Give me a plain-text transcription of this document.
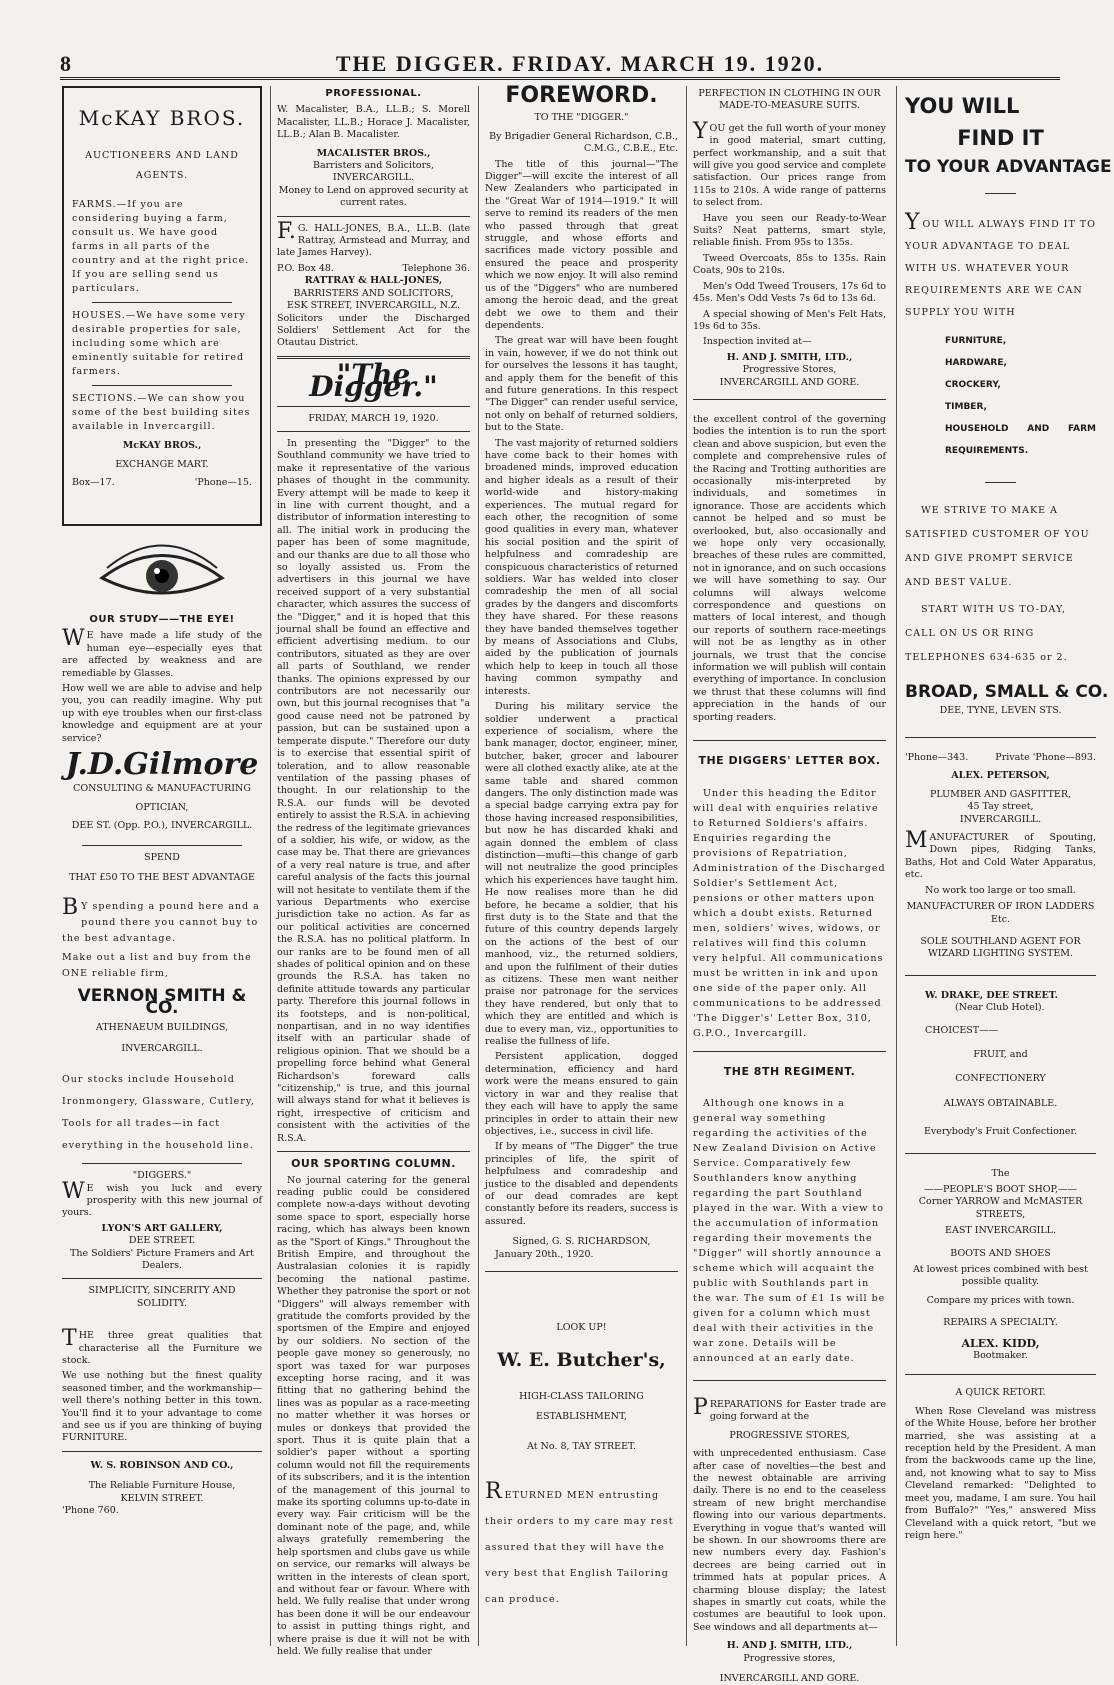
8	THE DIGGER. FRIDAY. MARCH 19. 1920.
McKAY BROS.
AUCTIONEERS AND LAND AGENTS.

FARMS.—If you are considering buying a farm, consult us. We have good farms in all parts of the country and at the right price. If you are selling send us particulars.

HOUSES.—We have some very desirable properties for sale, including some which are eminently suitable for retired farmers.

SECTIONS.—We can show you some of the best building sites available in Invercargill.

McKAY BROS.,
EXCHANGE MART.
Box—17.	'Phone—15.
OUR STUDY——THE EYE!

WE have made a life study of the human eye—especially eyes that are affected by weakness and are remediable by Glasses.

How well we are able to advise and help you, you can readily imagine. Why put up with eye troubles when our first-class knowledge and equipment are at your service?

J.D.Gilmore
CONSULTING & MANUFACTURING
OPTICIAN,
DEE ST. (Opp. P.O.), INVERCARGILL.
SPEND
THAT £50 TO THE BEST ADVANTAGE

BY spending a pound here and a pound there you cannot buy to the best advantage.

Make out a list and buy from the ONE reliable firm,

VERNON SMITH & CO.
ATHENAEUM BUILDINGS,
INVERCARGILL.

Our stocks include Household Ironmongery, Glassware, Cutlery, Tools for all trades—in fact everything in the household line.

"DIGGERS."

WE wish you luck and every prosperity with this new journal of yours.

LYON'S ART GALLERY,
DEE STREET.
The Soldiers' Picture Framers and Art Dealers.
SIMPLICITY, SINCERITY AND SOLIDITY.

THE three great qualities that characterise all the Furniture we stock.

We use nothing but the finest quality seasoned timber, and the workmanship—well there's nothing better in this town. You'll find it to your advantage to come and see us if you are thinking of buying FURNITURE.

W. S. ROBINSON AND CO.,
The Reliable Furniture House,
KELVIN STREET.
'Phone 760.
PROFESSIONAL.

W. Macalister, B.A., LL.B.; S. Morell Macalister, LL.B.; Horace J. Macalister, LL.B.; Alan B. Macalister.

MACALISTER BROS.,
Barristers and Solicitors,
INVERCARGILL.

Money to Lend on approved security at current rates.

F.G. HALL-JONES, B.A., LL.B. (late Rattray, Armstead and Murray, and late James Harvey).

P.O. Box 48.	Telephone 36.
RATTRAY & HALL-JONES,
BARRISTERS AND SOLICITORS,
ESK STREET, INVERCARGILL, N.Z.

Solicitors under the Discharged Soldiers' Settlement Act for the Otautau District.

"The Digger."
FRIDAY, MARCH 19, 1920.

In presenting the "Digger" to the Southland community we have tried to make it representative of the various phases of thought in the community. Every attempt will be made to keep it in line with current thought, and a distributor of information interesting to all. The initial work in producing the paper has been of some magnitude, and our thanks are due to all those who so loyally assisted us. From the advertisers in this journal we have received support of a very substantial character, which assures the success of the "Digger," and it is hoped that this journal shall be found an effective and efficient advertising medium. to our contributors, situated as they are over all parts of Southland, we render thanks. The opinions expressed by our contributors are not necessarily our own, but this journal recognises that "a good cause need not be patroned by passion, but can be sustained upon a temperate dispute." Therefore our duty is to exercise that essential spirit of toleration, and to allow reasonable ventilation of the passing phases of thought. In our relationship to the R.S.A. our funds will be devoted entirely to assist the R.S.A. in achieving the redress of the legitimate grievances of a soldier, his wife, or widow, as the case may be. That there are grievances of a very real nature is true, and after careful analysis of the facts this journal will not hesitate to ventilate them if the various Departments who exercise jurisdiction take no action. As far as our political activities are concerned the R.S.A. has no political platform. In our ranks are to be found men of all shades of political opinion and on these grounds the R.S.A. has taken no definite attitude towards any particular party. Therefore this journal follows in its footsteps, and is non-political, nonpartisan, and in no way identifies itself with an particular shade of religious opinion. That we should be a propelling force behind what General Richardson's foreward calls "citizenship," is true, and this journal will always stand for what it believes is right, irrespective of criticism and consistent with the activities of the R.S.A.

OUR SPORTING COLUMN.

No journal catering for the general reading public could be considered complete now-a-days without devoting some space to sport, especially horse racing, which has always been known as the "Sport of Kings." Throughout the British Empire, and throughout the Australasian colonies it is rapidly becoming the national pastime. Whether they patronise the sport or not "Diggers" will always remember with gratitude the comforts provided by the sportsmen of the Empire and enjoyed by our soldiers. No section of the people gave money so generously, no sport was taxed for war purposes excepting horse racing, and it was fitting that no gathering behind the lines was as popular as a race-meeting no matter whether it was horses or mules or donkeys that provided the sport. Thus it is quite plain that a soldier's paper without a sporting column would not fill the requirements of its subscribers, and it is the intention of the management of this journal to make its sporting columns up-to-date in every way. Fair criticism will be the dominant note of the page, and, while always gratefully remembering the help sportsmen and clubs gave us while on service, our remarks will always be written in the interests of clean sport, and without fear or favour. Where with held. We fully realise that under wrong has been done it will be our endeavour to assist in putting things right, and where praise is due it will not be with held. We fully realise that under

FOREWORD.
TO THE "DIGGER."

By Brigadier General Richardson, C.B., C.M.G., C.B.E., Etc.

The title of this journal—"The Digger"—will excite the interest of all New Zealanders who participated in the "Great War of 1914—1919." It will serve to remind its readers of the men who passed through that great struggle, and whose efforts and sacrifices made victory possible and ensured the peace and prosperity which we now enjoy. It will also remind us of the "Diggers" who are numbered among the heroic dead, and the great debt we owe to them and their dependents.

The great war will have been fought in vain, however, if we do not think out for ourselves the lessons it has taught, and apply them for the benefit of this and future generations. In this respect "The Digger" can render useful service, not only on behalf of returned soldiers, but to the State.

The vast majority of returned soldiers have come back to their homes with broadened minds, improved education and higher ideals as a result of their world-wide and history-making experiences. The mutual regard for each other, the recognition of some good qualities in every man, whatever his social position and the spirit of helpfulness and comradeship are conspicuous characteristics of returned soldiers. War has welded into closer comradeship the men of all social grades by the dangers and discomforts they have shared. For these reasons they have banded themselves together by means of Associations and Clubs, aided by the publication of journals which help to keep in touch all those having common sympathy and interests.

During his military service the soldier underwent a practical experience of socialism, where the bank manager, doctor, engineer, miner, butcher, baker, grocer and labourer were all clothed exactly alike, ate at the same table and shared common dangers. The only distinction made was a special badge carrying extra pay for those having increased responsibilities, but now he has discarded khaki and again donned the emblem of class distinction—mufti—this change of garb will not neutralize the good principles which his experiences have taught him. He now realises more than he did before, he became a soldier, that his first duty is to the State and that the future of this country depends largely on the actions of the best of our manhood, viz., the returned soldiers, and upon the fulfilment of their duties as citizens. These men want neither praise nor patronage for the services they have rendered, but only that to which they are entitled and which is due to every man, viz., opportunities to realise the fullness of life.

Persistent application, dogged determination, efficiency and hard work were the means ensured to gain victory in war and they realise that they each will have to apply the same principles in order to attain their new objectives, i.e., success in civil life.

If by means of "The Digger" the true principles of life, the spirit of helpfulness and comradeship and justice to the disabled and dependents of our dead comrades are kept constantly before its readers, success is assured.

Signed, G. S. RICHARDSON,
January 20th., 1920.
LOOK UP!
W. E. Butcher's,
HIGH-CLASS TAILORING ESTABLISHMENT,
At No. 8, TAY STREET.

RETURNED MEN entrusting their orders to my care may rest assured that they will have the very best that English Tailoring can produce.

PERFECTION IN CLOTHING IN OUR MADE-TO-MEASURE SUITS.

YOU get the full worth of your money in good material, smart cutting, perfect workmanship, and a suit that will give you good service and complete satisfaction. Our prices range from 115s to 210s. A wide range of patterns to select from.

Have you seen our Ready-to-Wear Suits? Neat patterns, smart style, reliable finish. From 95s to 135s.

Tweed Overcoats, 85s to 135s. Rain Coats, 90s to 210s.

Men's Odd Tweed Trousers, 17s 6d to 45s. Men's Odd Vests 7s 6d to 13s 6d.

A special showing of Men's Felt Hats, 19s 6d to 35s.

Inspection invited at—

H. AND J. SMITH, LTD.,
Progressive Stores,
INVERCARGILL AND GORE.

the excellent control of the governing bodies the intention is to run the sport clean and above suspicion, but even the complete and comprehensive rules of the Racing and Trotting authorities are occasionally mis-interpreted by individuals, and sometimes in ignorance. Those are accidents which cannot be helped and so must be overlooked, but, also occasionally and we hope only very occasionally, breaches of these rules are committed, not in ignorance, and on such occasions we will have something to say. Our columns will always welcome correspondence and questions on matters of local interest, and though our reports of southern race-meetings will not be as lengthy as in other journals, we trust that the concise information we will publish will contain everything of importance. In conclusion we thrust that these columns will find appreciation in the hands of our sporting readers.

THE DIGGERS' LETTER BOX.

Under this heading the Editor will deal with enquiries relative to Returned Soldiers's affairs. Enquiries regarding the provisions of Repatriation, Administration of the Discharged Soldier's Settlement Act, pensions or other matters upon which a doubt exists. Returned men, soldiers' wives, widows, or relatives will find this column very helpful. All communications must be written in ink and upon one side of the paper only. All communications to be addressed 'The Digger's' Letter Box, 310, G.P.O., Invercargill.

THE 8TH REGIMENT.

Although one knows in a general way something regarding the activities of the New Zealand Division on Active Service. Comparatively few Southlanders know anything regarding the part Southland played in the war. With a view to the accumulation of information regarding their movements the "Digger" will shortly announce a scheme which will acquaint the public with Southlands part in the war. The sum of £1 1s will be given for a column which must deal with their activities in the war zone. Details will be announced at an early date.

PREPARATIONS for Easter trade are going forward at the

PROGRESSIVE STORES,

with unprecedented enthusiasm. Case after case of novelties—the best and the newest obtainable are arriving daily. There is no end to the ceaseless stream of new bright merchandise flowing into our various departments. Everything in vogue that's wanted will be shown. In our showrooms there are new numbers every day. Fashion's decrees are being carried out in trimmed hats at popular prices. A charming blouse display; the latest shapes in smartly cut coats, while the costumes are beautiful to look upon. See windows and all departments at—

H. AND J. SMITH, LTD.,
Progressive stores,
INVERCARGILL AND GORE.
YOU WILL
FIND IT
TO YOUR ADVANTAGE

YOU WILL ALWAYS FIND IT TO YOUR ADVANTAGE TO DEAL WITH US. WHATEVER YOUR REQUIREMENTS ARE WE CAN SUPPLY YOU WITH

FURNITURE,
HARDWARE,
CROCKERY,
TIMBER,
HOUSEHOLD AND FARM REQUIREMENTS.

WE STRIVE TO MAKE A SATISFIED CUSTOMER OF YOU AND GIVE PROMPT SERVICE AND BEST VALUE.

START WITH US TO-DAY, CALL ON US OR RING TELEPHONES 634-635 or 2.

BROAD, SMALL & CO.
DEE, TYNE, LEVEN STS.
'Phone—343.	Private 'Phone—893.
ALEX. PETERSON,
PLUMBER AND GASFITTER,
45 Tay street,
INVERCARGILL.

MANUFACTURER of Spouting, Down pipes, Ridging Tanks, Baths, Hot and Cold Water Apparatus, etc.

No work too large or too small.
MANUFACTURER OF IRON LADDERS Etc.
SOLE SOUTHLAND AGENT FOR WIZARD LIGHTING SYSTEM.
W. DRAKE, DEE STREET.
(Near Club Hotel).
CHOICEST——
FRUIT, and
CONFECTIONERY
ALWAYS OBTAINABLE.
Everybody's Fruit Confectioner.
The
——PEOPLE'S BOOT SHOP,——
Corner YARROW and McMASTER STREETS,
EAST INVERCARGILL.
BOOTS AND SHOES
At lowest prices combined with best possible quality.
Compare my prices with town.
REPAIRS A SPECIALTY.
ALEX. KIDD,
Bootmaker.
A QUICK RETORT.

When Rose Cleveland was mistress of the White House, before her brother married, she was assisting at a reception held by the President. A man from the backwoods came up the line, and, not knowing what to say to Miss Cleveland remarked: "Delighted to meet you, madame, I am sure. You hail from Buffalo?" "Yes," answered Miss Cleveland with a quick retort, "but we reign here."
